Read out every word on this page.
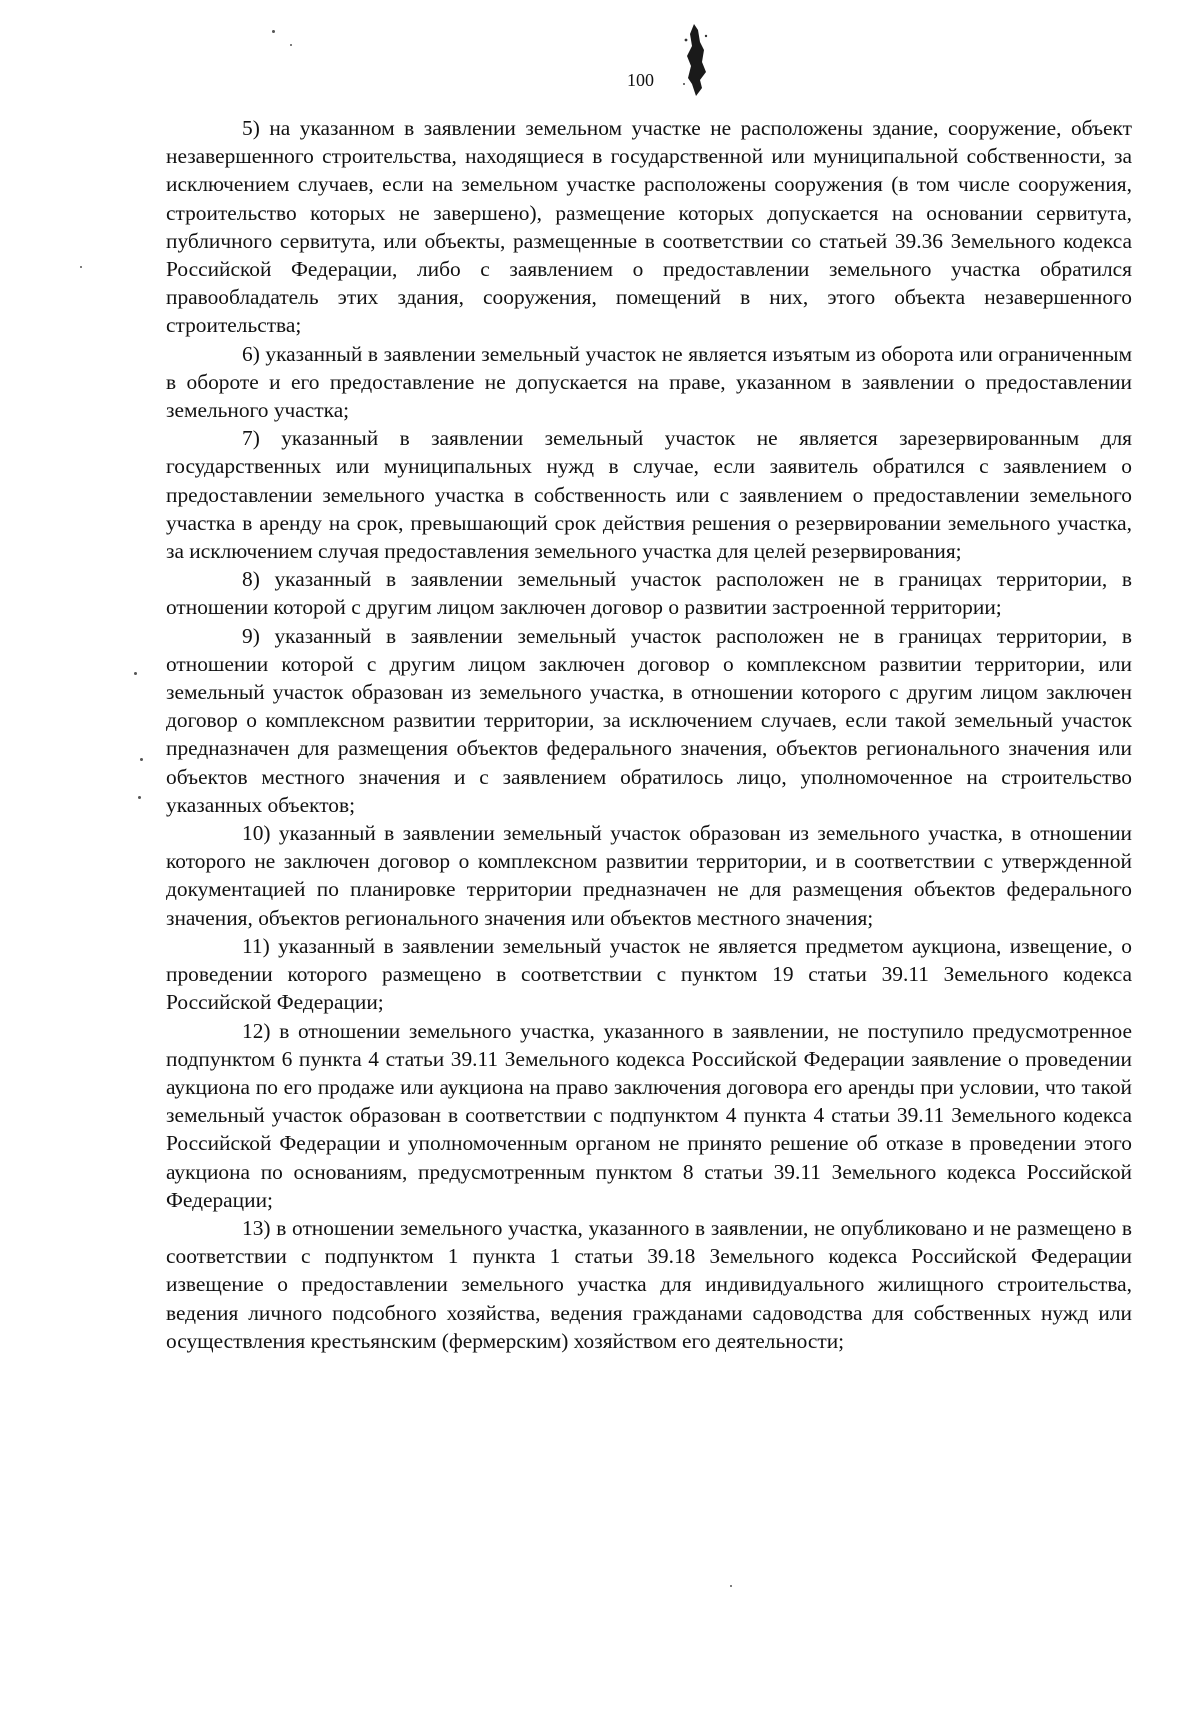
100

5) на указанном в заявлении земельном участке не расположены здание, сооружение, объект незавершенного строительства, находящиеся в государственной или муниципальной собственности, за исключением случаев, если на земельном участке расположены сооружения (в том числе сооружения, строительство которых не завершено), размещение которых допускается на основании сервитута, публичного сервитута, или объекты, размещенные в соответствии со статьей 39.36 Земельного кодекса Российской Федерации, либо с заявлением о предоставлении земельного участка обратился правообладатель этих здания, сооружения, помещений в них, этого объекта незавершенного строительства;

6) указанный в заявлении земельный участок не является изъятым из оборота или ограниченным в обороте и его предоставление не допускается на праве, указанном в заявлении о предоставлении земельного участка;

7) указанный в заявлении земельный участок не является зарезервированным для государственных или муниципальных нужд в случае, если заявитель обратился с заявлением о предоставлении земельного участка в собственность или с заявлением о предоставлении земельного участка в аренду на срок, превышающий срок действия решения о резервировании земельного участка, за исключением случая предоставления земельного участка для целей резервирования;

8) указанный в заявлении земельный участок расположен не в границах территории, в отношении которой с другим лицом заключен договор о развитии застроенной территории;

9) указанный в заявлении земельный участок расположен не в границах территории, в отношении которой с другим лицом заключен договор о комплексном развитии территории, или земельный участок образован из земельного участка, в отношении которого с другим лицом заключен договор о комплексном развитии территории, за исключением случаев, если такой земельный участок предназначен для размещения объектов федерального значения, объектов регионального значения или объектов местного значения и с заявлением обратилось лицо, уполномоченное на строительство указанных объектов;

10) указанный в заявлении земельный участок образован из земельного участка, в отношении которого не заключен договор о комплексном развитии территории, и в соответствии с утвержденной документацией по планировке территории предназначен не для размещения объектов федерального значения, объектов регионального значения или объектов местного значения;

11) указанный в заявлении земельный участок не является предметом аукциона, извещение, о проведении которого размещено в соответствии с пунктом 19 статьи 39.11 Земельного кодекса Российской Федерации;

12) в отношении земельного участка, указанного в заявлении, не поступило предусмотренное подпунктом 6 пункта 4 статьи 39.11 Земельного кодекса Российской Федерации заявление о проведении аукциона по его продаже или аукциона на право заключения договора его аренды при условии, что такой земельный участок образован в соответствии с подпунктом 4 пункта 4 статьи 39.11 Земельного кодекса Российской Федерации и уполномоченным органом не принято решение об отказе в проведении этого аукциона по основаниям, предусмотренным пунктом 8 статьи 39.11 Земельного кодекса Российской Федерации;

13) в отношении земельного участка, указанного в заявлении, не опубликовано и не размещено в соответствии с подпунктом 1 пункта 1 статьи 39.18 Земельного кодекса Российской Федерации извещение о предоставлении земельного участка для индивидуального жилищного строительства, ведения личного подсобного хозяйства, ведения гражданами садоводства для собственных нужд или осуществления крестьянским (фермерским) хозяйством его деятельности;
